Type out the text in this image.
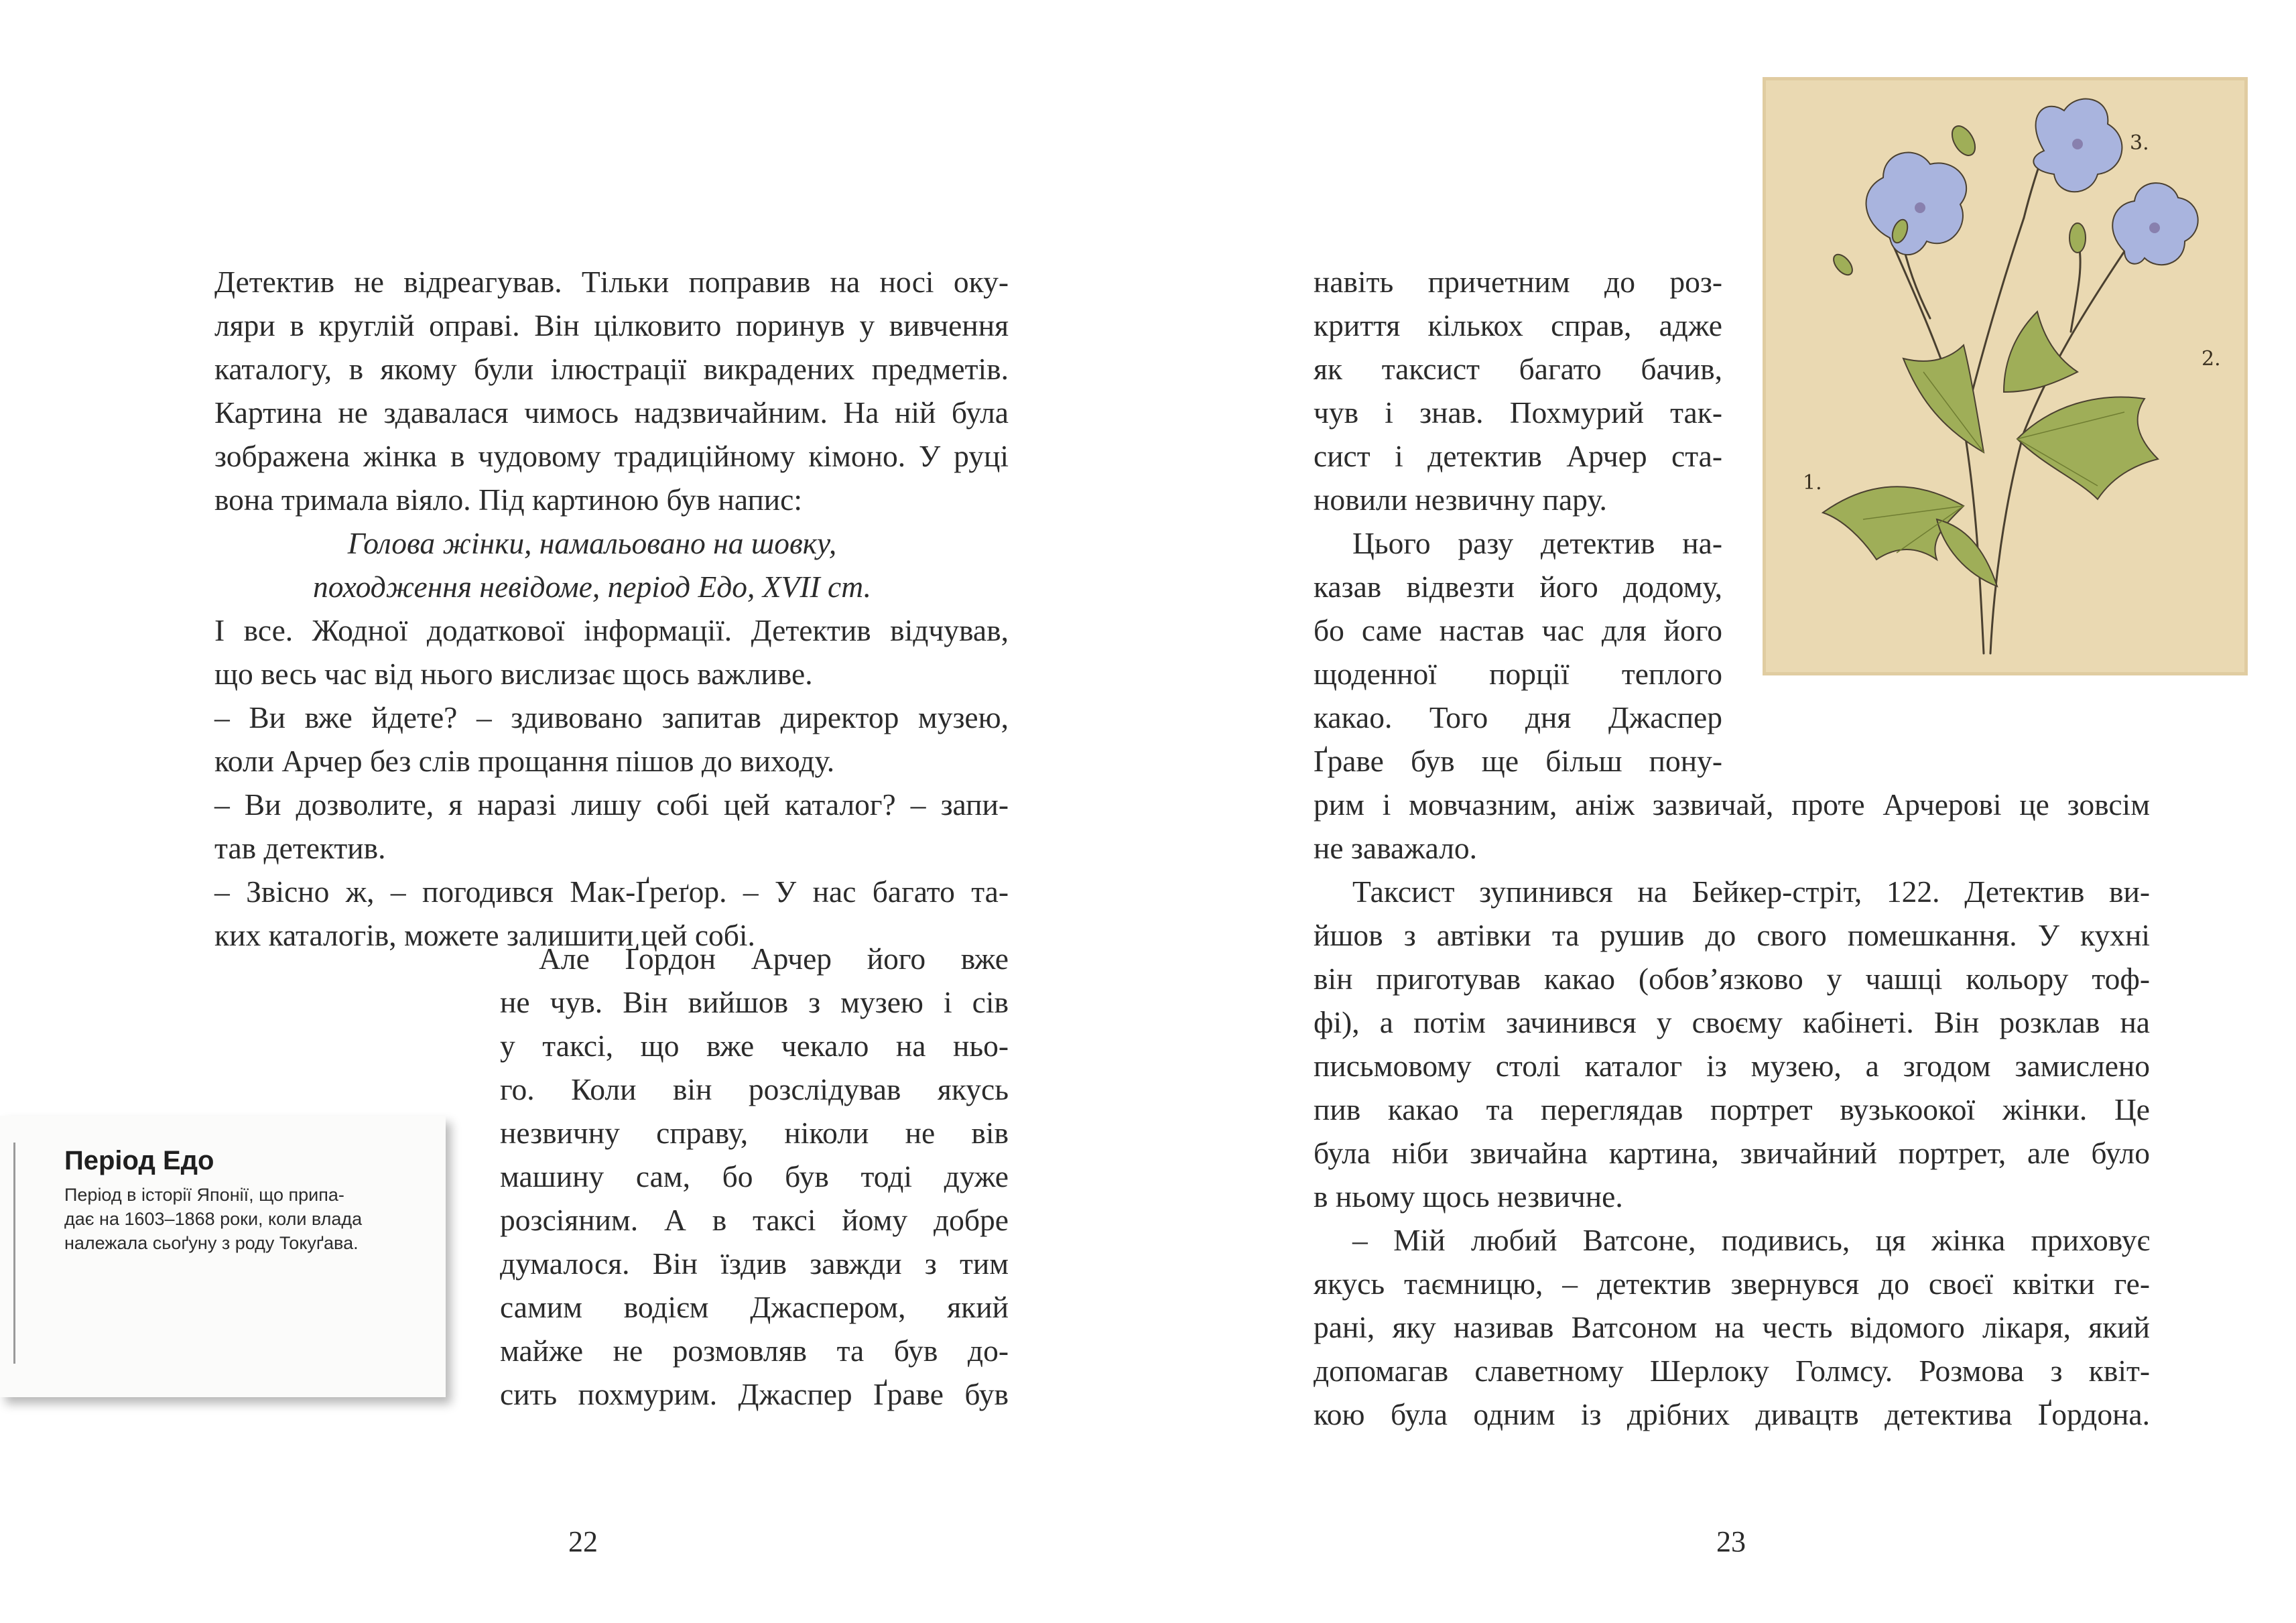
Детектив не відреагував. Тільки поправив на носі оку-
ляри в круглій оправі. Він цілковито поринув у вивчення
каталогу, в якому були ілюстрації викрадених предметів.
Картина не здавалася чимось надзвичайним. На ній була
зображена жінка в чудовому традиційному кімоно. У руці
вона тримала віяло. Під картиною був напис:

Голова жінки, намальовано на шовку,
походження невідоме, період Едо, XVII ст.

І все. Жодної додаткової інформації. Детектив відчував,
що весь час від нього вислизає щось важливе.

– Ви вже йдете? – здивовано запитав директор музею,
коли Арчер без слів прощання пішов до виходу.

– Ви дозволите, я наразі лишу собі цей каталог? – запи-
тав детектив.

– Звісно ж, – погодився Мак-Ґреґор. – У нас багато та-
ких каталогів, можете залишити цей собі.

Але Ґордон Арчер його вже
не чув. Він вийшов з музею і сів
у таксі, що вже чекало на ньо-
го. Коли він розслідував якусь
незвичну справу, ніколи не вів
машину сам, бо був тоді дуже
розсіяним. А в таксі йому добре
думалося. Він їздив завжди з тим
самим водієм Джаспером, який
майже не розмовляв та був до-
сить похмурим. Джаспер Ґраве був

Період Едо
Період в історії Японії, що припа-
дає на 1603–1868 роки, коли влада
належала сьоґуну з роду Токуґава.
22

навіть причетним до роз-
криття кількох справ, адже
як таксист багато бачив,
чув і знав. Похмурий так-
сист і детектив Арчер ста-
новили незвичну пару.

Цього разу детектив на-
казав відвезти його додому,
бо саме настав час для його
щоденної порції теплого
какао. Того дня Джаспер
Ґраве був ще більш пону-

рим і мовчазним, аніж зазвичай, проте Арчерові це зовсім
не заважало.

Таксист зупинився на Бейкер-стріт, 122. Детектив ви-
йшов з автівки та рушив до свого помешкання. У кухні
він приготував какао (обов’язково у чашці кольору тоф-
фі), а потім зачинився у своєму кабінеті. Він розклав на
письмовому столі каталог із музею, а згодом замислено
пив какао та переглядав портрет вузькоокої жінки. Це
була ніби звичайна картина, звичайний портрет, але було
в ньому щось незвичне.

– Мій любий Ватсоне, подивись, ця жінка приховує
якусь таємницю, – детектив звернувся до своєї квітки ге-
рані, яку називав Ватсоном на честь відомого лікаря, який
допомагав славетному Шерлоку Голмсу. Розмова з квіт-
кою була одним із дрібних дивацтв детектива Ґордона.

23
1.
2.
3.
